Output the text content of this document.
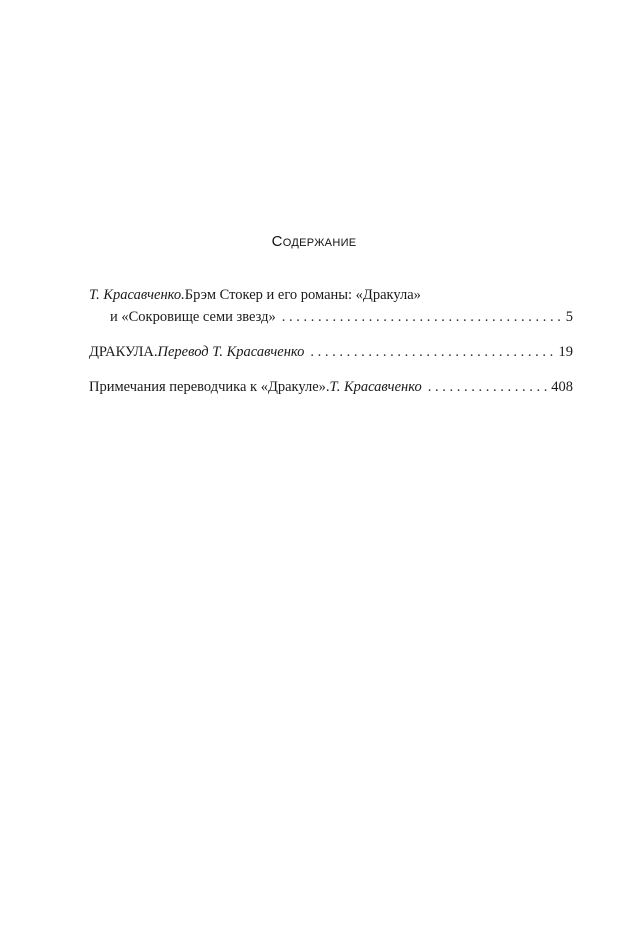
Содержание
Т. Красавченко. Брэм Стокер и его романы: «Дракула»
и «Сокровище семи звезд» . . .	5
ДРАКУЛА. Перевод Т. Красавченко . . .	19
Примечания переводчика к «Дракуле». Т. Красавченко . . .	408
